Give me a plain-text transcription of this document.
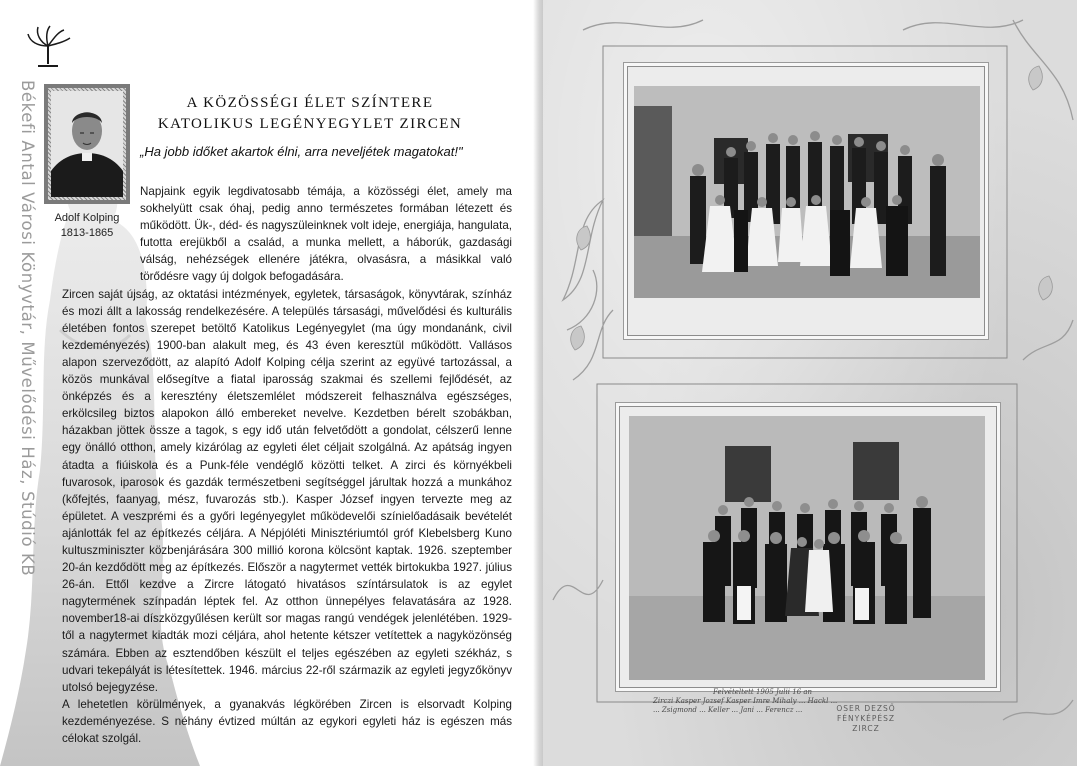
Békefi Antal Városi Könyvtár, Művelődési Ház, Stúdió KB	Adolf Kolping
1813-1865
A KÖZÖSSÉGI ÉLET SZÍNTERE
KATOLIKUS LEGÉNYEGYLET ZIRCEN
„Ha jobb időket akartok élni, arra neveljétek magatokat!"

Napjaink egyik legdivatosabb témája, a közösségi élet, amely ma sokhelyütt csak óhaj, pedig anno természetes formában létezett és működött. Ük-, déd- és nagyszüleinknek volt ideje, energiája, hangulata, futotta erejükből a család, a munka mellett, a háborúk, gazdasági válság, nehézségek ellenére játékra, olvasásra, a másikkal való törődésre vagy új dolgok befogadására.

Zircen saját újság, az oktatási intézmények, egyletek, társaságok, könyvtárak, színház és mozi állt a lakosság rendelkezésére. A település társasági, művelődési és kulturális életében fontos szerepet betöltő Katolikus Legényegylet (ma úgy mondanánk, civil kezdeményezés) 1900-ban alakult meg, és 43 éven keresztül működött. Vallásos alapon szerveződött, az alapító Adolf Kolping célja szerint az együvé tartozással, a közös munkával elősegítve a fiatal iparosság szakmai és szellemi fejlődését, az önképzés és a keresztény életszemlélet módszereit felhasználva egészséges, erkölcsileg biztos alapokon álló embereket nevelve. Kezdetben bérelt szobákban, házakban jöttek össze a tagok, s egy idő után felvetődött a gondolat, célszerű lenne egy önálló otthon, amely kizárólag az egyleti élet céljait szolgálná. Az apátság ingyen átadta a fiúiskola és a Punk-féle vendéglő közötti telket. A zirci és környékbeli fuvarosok, iparosok és gazdák természetbeni segítséggel járultak hozzá a munkához (kőfejtés, faanyag, mész, fuvarozás stb.). Kasper József ingyen tervezte meg az épületet. A veszprémi és a győri legényegylet működevelői színielőadásaik bevételét ajánlották fel az építkezés céljára. A Népjóléti Minisztériumtól gróf Klebelsberg Kuno kultuszminiszter közbenjárására 300 millió korona kölcsönt kaptak. 1926. szeptember 20-án kezdődött meg az építkezés. Először a nagytermet vették birtokukba 1927. július 26-án. Ettől kezdve a Zircre látogató hivatásos színtársulatok is az egylet nagytermének színpadán léptek fel. Az otthon ünnepélyes felavatására az 1928. november18-ai díszközgyűlésen került sor magas rangú vendégek jelenlétében. 1929-től a nagytermet kiadták mozi céljára, ahol hetente kétszer vetítettek a nagyközönség számára. Ebben az esztendőben készült el teljes egészében az egyleti székház, s udvari tekepályát is létesítettek. 1946. március 22-ről származik az egyleti jegyzőkönyv utolsó bejegyzése.

A lehetetlen körülmények, a gyanakvás légkörében Zircen is elsorvadt Kolping kezdeményezése. S néhány évtized múltán az egykori egyleti ház is egészen más célokat szolgál.

Felvételtett 1905 Julii 16 an
Zirczi Kasper Jozsef Kasper Imre Mihaly ... Hackl ...
... Zsigmond ... Keller ... Jani ... Ferencz ...	OSER DEZSŐ
FÉNYKÉPÉSZ
ZIRCZ
